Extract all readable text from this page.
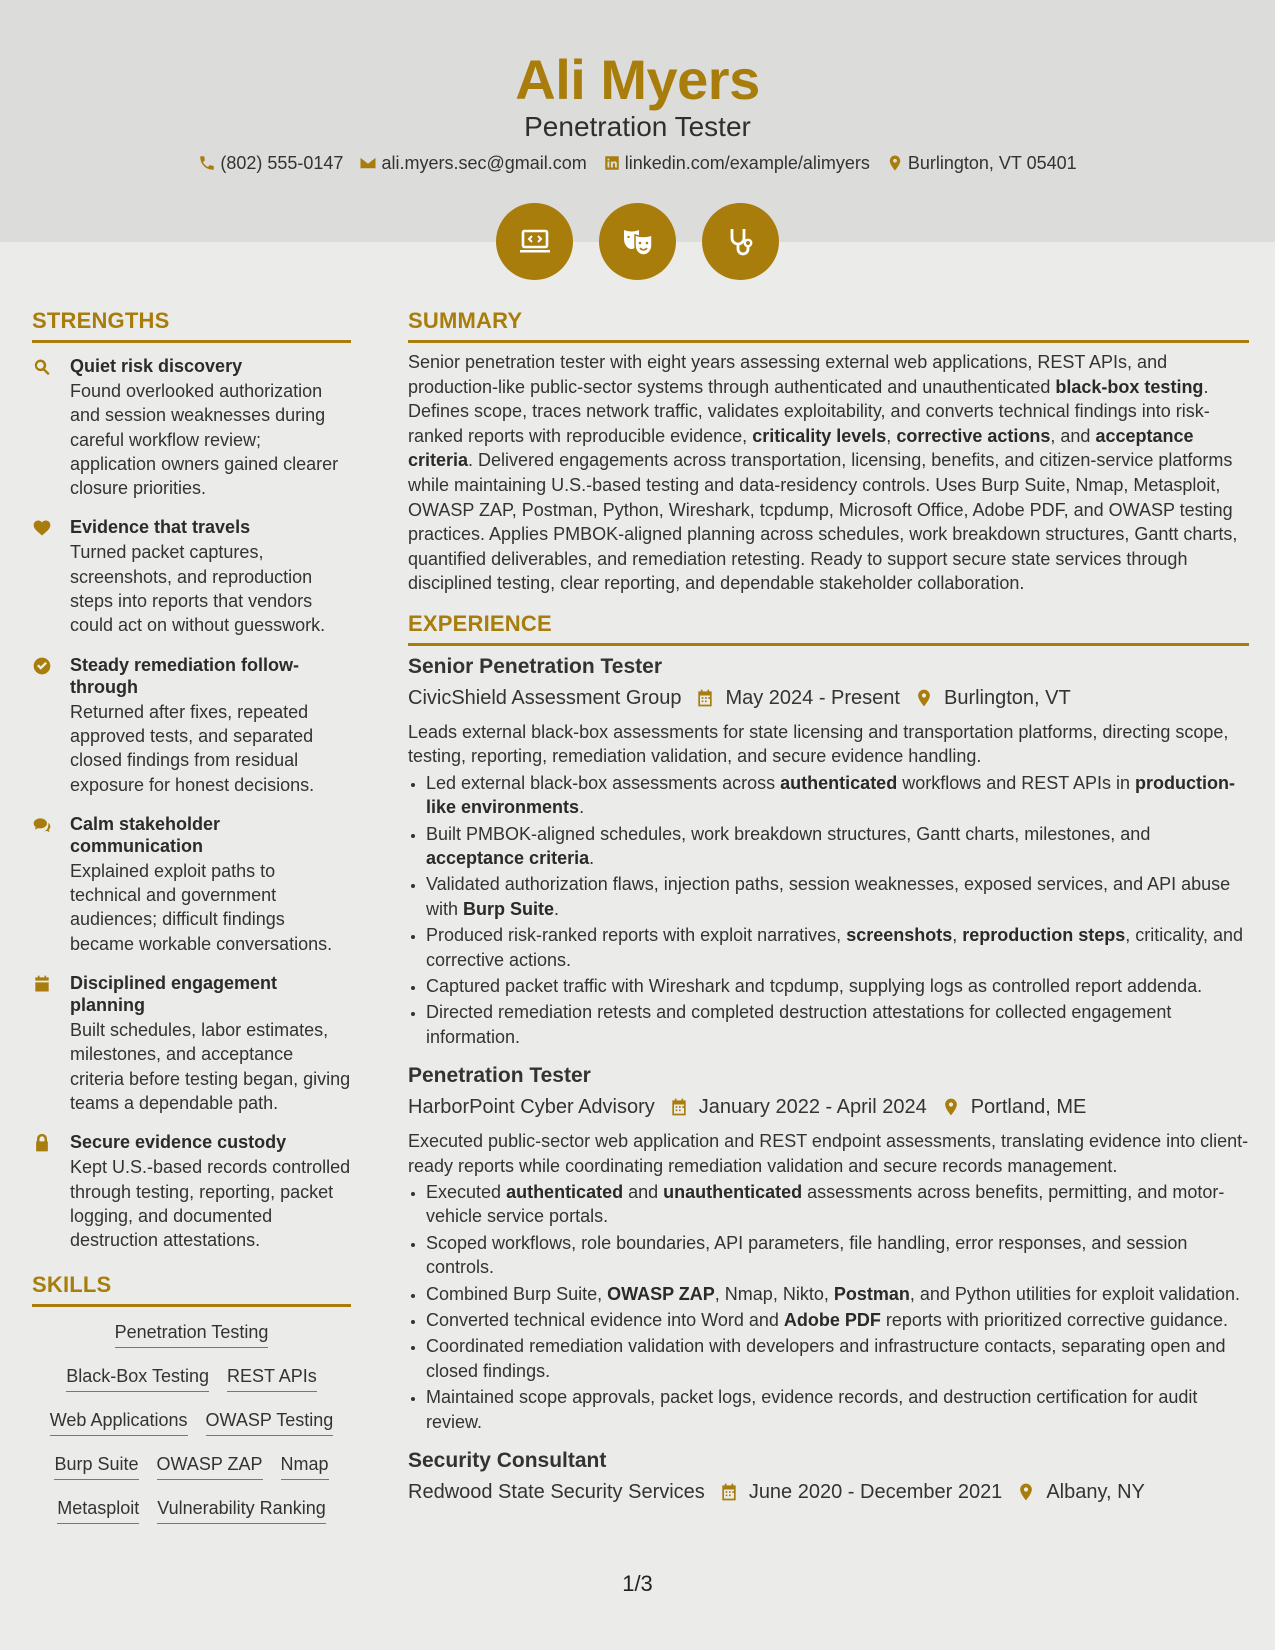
Ali Myers
Penetration Tester
(802) 555-0147 ali.myers.sec@gmail.com linkedin.com/example/alimyers Burlington, VT 05401
STRENGTHS
Quiet risk discovery
Found overlooked authorization and session weaknesses during careful workflow review; application owners gained clearer closure priorities.
Evidence that travels
Turned packet captures, screenshots, and reproduction steps into reports that vendors could act on without guesswork.
Steady remediation follow-through
Returned after fixes, repeated approved tests, and separated closed findings from residual exposure for honest decisions.
Calm stakeholder communication
Explained exploit paths to technical and government audiences; difficult findings became workable conversations.
Disciplined engagement planning
Built schedules, labor estimates, milestones, and acceptance criteria before testing began, giving teams a dependable path.
Secure evidence custody
Kept U.S.-based records controlled through testing, reporting, packet logging, and documented destruction attestations.
SKILLS
Penetration Testing
Black-Box Testing REST APIs
Web Applications OWASP Testing
Burp Suite OWASP ZAP Nmap
Metasploit Vulnerability Ranking
SUMMARY

Senior penetration tester with eight years assessing external web applications, REST APIs, and production-like public-sector systems through authenticated and unauthenticated black-box testing. Defines scope, traces network traffic, validates exploitability, and converts technical findings into risk-ranked reports with reproducible evidence, criticality levels, corrective actions, and acceptance criteria. Delivered engagements across transportation, licensing, benefits, and citizen-service platforms while maintaining U.S.-based testing and data-residency controls. Uses Burp Suite, Nmap, Metasploit, OWASP ZAP, Postman, Python, Wireshark, tcpdump, Microsoft Office, Adobe PDF, and OWASP testing practices. Applies PMBOK-aligned planning across schedules, work breakdown structures, Gantt charts, quantified deliverables, and remediation retesting. Ready to support secure state services through disciplined testing, clear reporting, and dependable stakeholder collaboration.

EXPERIENCE
Senior Penetration Tester
CivicShield Assessment Group May 2024 - Present Burlington, VT

Leads external black-box assessments for state licensing and transportation platforms, directing scope, testing, reporting, remediation validation, and secure evidence handling.

• Led external black-box assessments across authenticated workflows and REST APIs in production-like environments.
• Built PMBOK-aligned schedules, work breakdown structures, Gantt charts, milestones, and acceptance criteria.
• Validated authorization flaws, injection paths, session weaknesses, exposed services, and API abuse with Burp Suite.
• Produced risk-ranked reports with exploit narratives, screenshots, reproduction steps, criticality, and corrective actions.
• Captured packet traffic with Wireshark and tcpdump, supplying logs as controlled report addenda.
• Directed remediation retests and completed destruction attestations for collected engagement information.
Penetration Tester
HarborPoint Cyber Advisory January 2022 - April 2024 Portland, ME

Executed public-sector web application and REST endpoint assessments, translating evidence into client-ready reports while coordinating remediation validation and secure records management.

• Executed authenticated and unauthenticated assessments across benefits, permitting, and motor-vehicle service portals.
• Scoped workflows, role boundaries, API parameters, file handling, error responses, and session controls.
• Combined Burp Suite, OWASP ZAP, Nmap, Nikto, Postman, and Python utilities for exploit validation.
• Converted technical evidence into Word and Adobe PDF reports with prioritized corrective guidance.
• Coordinated remediation validation with developers and infrastructure contacts, separating open and closed findings.
• Maintained scope approvals, packet logs, evidence records, and destruction certification for audit review.
Security Consultant
Redwood State Security Services June 2020 - December 2021 Albany, NY
1/3
